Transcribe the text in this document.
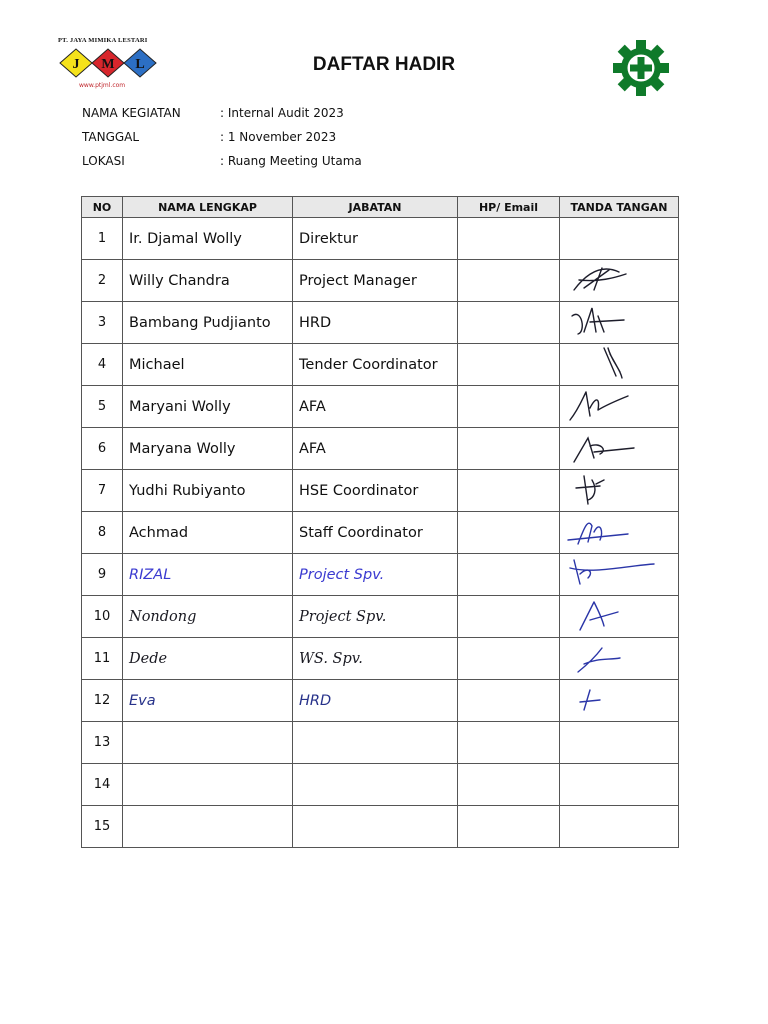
PT. JAYA MIMIKA LESTARI
J M L
www.ptjml.com
DAFTAR HADIR
NAMA KEGIATAN	: Internal Audit 2023
TANGGAL	: 1 November 2023
LOKASI	: Ruang Meeting Utama
NO	NAMA LENGKAP	JABATAN	HP/ Email	TANDA TANGAN
1	Ir. Djamal Wolly	Direktur		
2	Willy Chandra	Project Manager		

3	Bambang Pudjianto	HRD		

4	Michael	Tender Coordinator		

5	Maryani Wolly	AFA		

6	Maryana Wolly	AFA		

7	Yudhi Rubiyanto	HSE Coordinator		

8	Achmad	Staff Coordinator		

9	RIZAL	Project Spv.		

10	Nondong	Project Spv.		

11	Dede	WS. Spv.		

12	Eva	HRD		

13				
14				
15				
